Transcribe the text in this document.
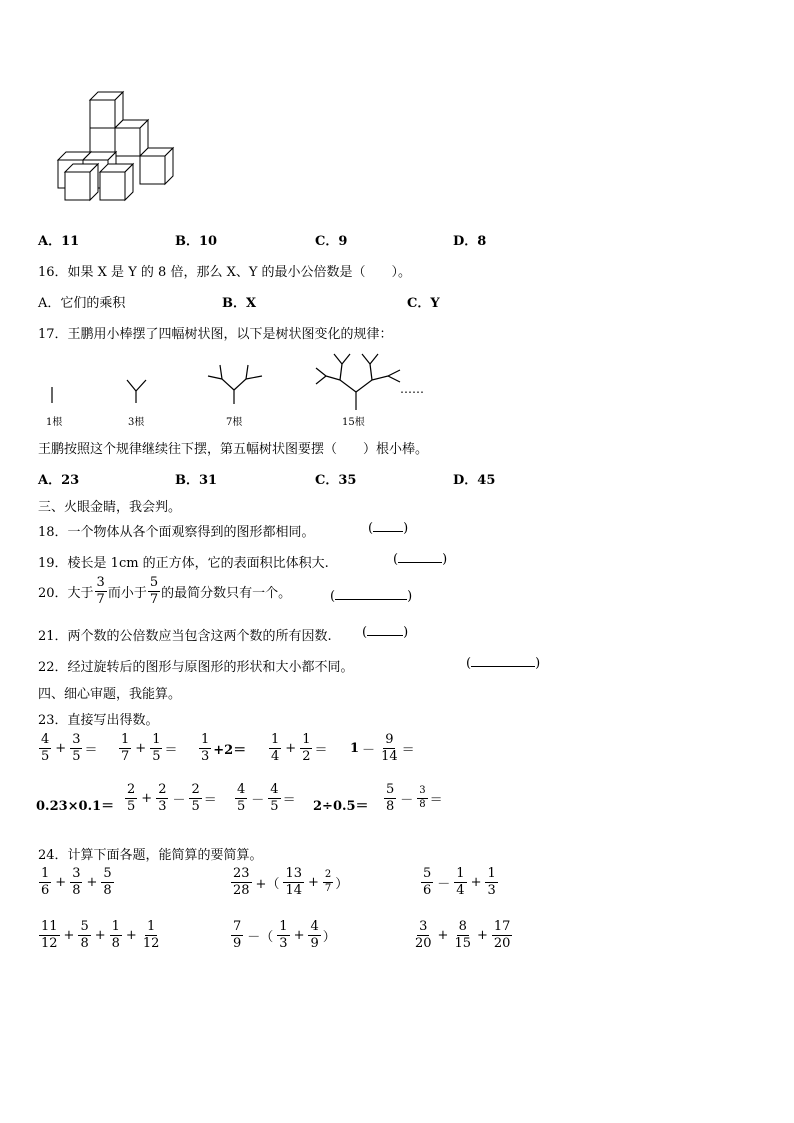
A．11	B．10	C．9	D．8
16．如果 X 是 Y 的 8 倍，那么 X、Y 的最小公倍数是（　　）。
A．它们的乘积	B．X	C．Y
17．王鹏用小棒摆了四幅树状图，以下是树状图变化的规律：
……
1根	3根	7根	15根
王鹏按照这个规律继续往下摆，第五幅树状图要摆（　　）根小棒。
A．23	B．31	C．35	D．45
三、火眼金睛，我会判。
18．一个物体从各个面观察得到的图形都相同。	( )
19．棱长是 1cm 的正方体，它的表面积比体积大.	(	)
20．大于 $\frac{3}{7}$ 而小于 $\frac{5}{7}$ 的最简分数只有一个。	(	)
21．两个数的公倍数应当包含这两个数的所有因数. (	)
22．经过旋转后的图形与原图形的形状和大小都不同。	(	)
四、细心审题，我能算。
23．直接写出得数。
$\frac{4}{5} + \frac{3}{5} = \frac{1}{7} + \frac{1}{5} = \frac{1}{3} +2= \frac{1}{4} + \frac{1}{2} = 1 - \frac{9}{14}$ ＝
$0.23\times 0.1= \frac{2}{5} + \frac{2}{3} - \frac{2}{5} = \frac{4}{5} - \frac{4}{5} = 2\div 0.5= \frac{5}{8} - \frac{3}{8}$ ＝
24．计算下面各题，能简算的要简算。
$\frac{1}{6} + \frac{3}{8} + \frac{5}{8}$	$\frac{23}{28}$ +（ $\frac{13}{14} + \frac{2}{7}$ ）	$\frac{5}{6} - \frac{1}{4} + \frac{1}{3}$
$\frac{11}{12} + \frac{5}{8} + \frac{1}{8} + \frac{1}{12}$	$\frac{7}{9}$ －（ $\frac{1}{3} + \frac{4}{9}$ ）	$\frac{3}{20} + \frac{8}{15} + \frac{17}{20}$
